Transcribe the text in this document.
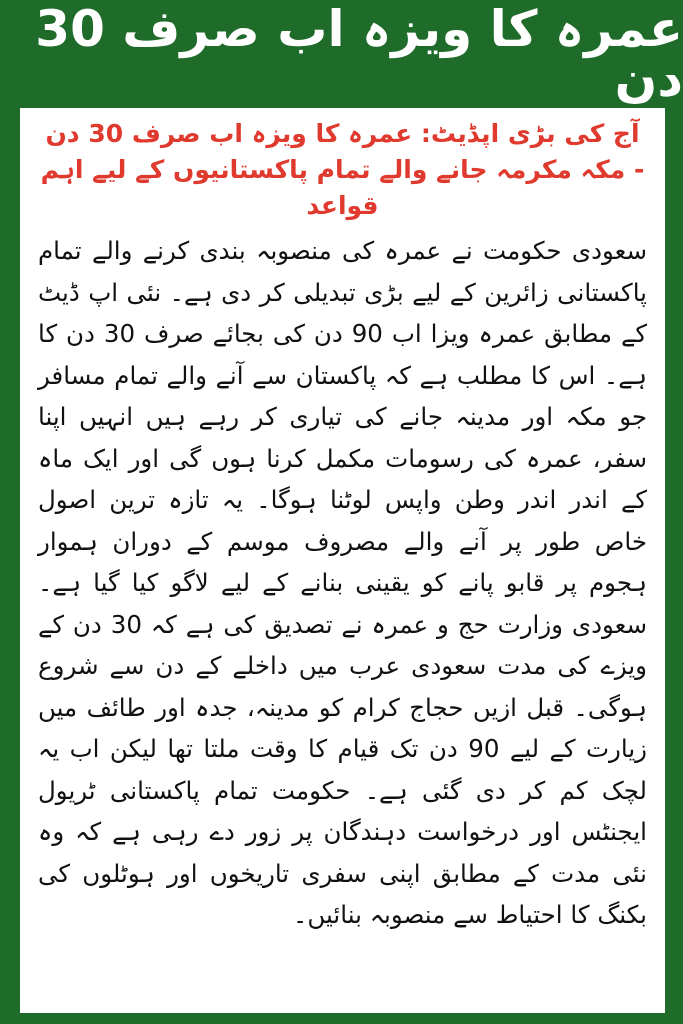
عمرہ کا ویزہ اب صرف 30 دن

آج کی بڑی اپڈیٹ: عمرہ کا ویزہ اب صرف 30 دن - مکہ مکرمہ جانے والے تمام پاکستانیوں کے لیے اہم قواعد

سعودی حکومت نے عمرہ کی منصوبہ بندی کرنے والے تمام پاکستانی زائرین کے لیے بڑی تبدیلی کر دی ہے۔ نئی اپ ڈیٹ کے مطابق عمرہ ویزا اب 90 دن کی بجائے صرف 30 دن کا ہے۔ اس کا مطلب ہے کہ پاکستان سے آنے والے تمام مسافر جو مکہ اور مدینہ جانے کی تیاری کر رہے ہیں انہیں اپنا سفر، عمرہ کی رسومات مکمل کرنا ہوں گی اور ایک ماہ کے اندر اندر وطن واپس لوٹنا ہوگا۔ یہ تازہ ترین اصول خاص طور پر آنے والے مصروف موسم کے دوران ہموار ہجوم پر قابو پانے کو یقینی بنانے کے لیے لاگو کیا گیا ہے۔ سعودی وزارت حج و عمرہ نے تصدیق کی ہے کہ 30 دن کے ویزے کی مدت سعودی عرب میں داخلے کے دن سے شروع ہوگی۔ قبل ازیں حجاج کرام کو مدینہ، جدہ اور طائف میں زیارت کے لیے 90 دن تک قیام کا وقت ملتا تھا لیکن اب یہ لچک کم کر دی گئی ہے۔ حکومت تمام پاکستانی ٹریول ایجنٹس اور درخواست دہندگان پر زور دے رہی ہے کہ وہ نئی مدت کے مطابق اپنی سفری تاریخوں اور ہوٹلوں کی بکنگ کا احتیاط سے منصوبہ بنائیں۔
